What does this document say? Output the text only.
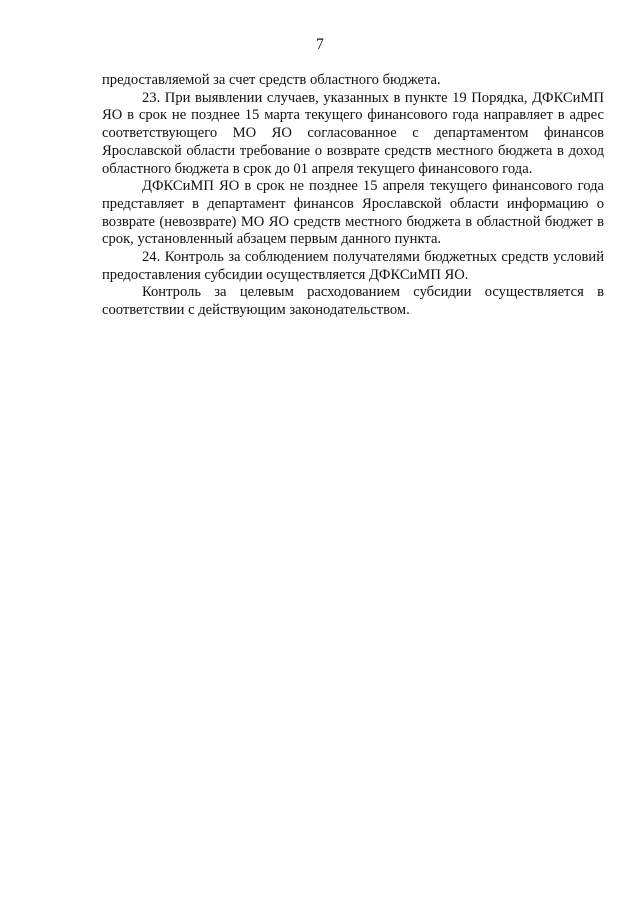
7

предоставляемой за счет средств областного бюджета.

23. При выявлении случаев, указанных в пункте 19 Порядка, ДФКСиМП ЯО в срок не позднее 15 марта текущего финансового года направляет в адрес соответствующего МО ЯО согласованное с департаментом финансов Ярославской области требование о возврате средств местного бюджета в доход областного бюджета в срок до 01 апреля текущего финансового года.

ДФКСиМП ЯО в срок не позднее 15 апреля текущего финансового года представляет в департамент финансов Ярославской области информацию о возврате (невозврате) МО ЯО средств местного бюджета в областной бюджет в срок, установленный абзацем первым данного пункта.

24. Контроль за соблюдением получателями бюджетных средств условий предоставления субсидии осуществляется ДФКСиМП ЯО.

Контроль за целевым расходованием субсидии осуществляется в соответствии с действующим законодательством.
